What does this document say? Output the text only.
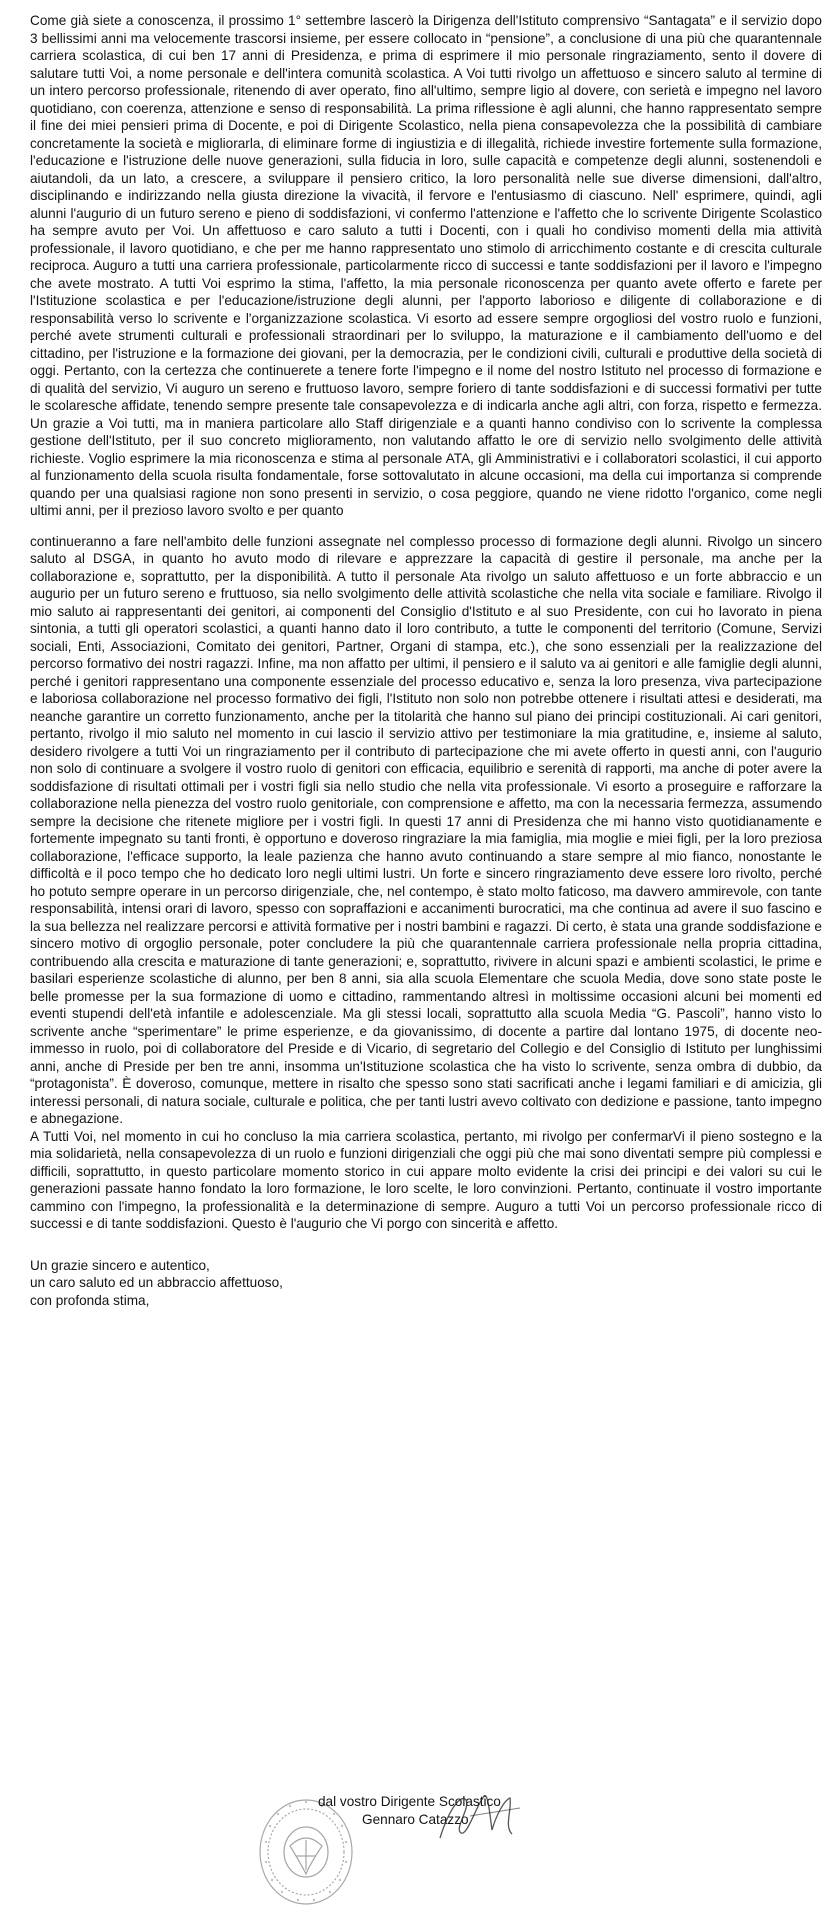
Come già siete a conoscenza, il prossimo 1° settembre lascerò la Dirigenza dell'Istituto comprensivo “Santagata” e il servizio dopo 3 bellissimi anni ma velocemente trascorsi insieme, per essere collocato in “pensione”, a conclusione di una più che quarantennale carriera scolastica, di cui ben 17 anni di Presidenza, e prima di esprimere il mio personale ringraziamento, sento il dovere di salutare tutti Voi, a nome personale e dell'intera comunità scolastica. A Voi tutti rivolgo un affettuoso e sincero saluto al termine di un intero percorso professionale, ritenendo di aver operato, fino all'ultimo, sempre ligio al dovere, con serietà e impegno nel lavoro quotidiano, con coerenza, attenzione e senso di responsabilità. La prima riflessione è agli alunni, che hanno rappresentato sempre il fine dei miei pensieri prima di Docente, e poi di Dirigente Scolastico, nella piena consapevolezza che la possibilità di cambiare concretamente la società e migliorarla, di eliminare forme di ingiustizia e di illegalità, richiede investire fortemente sulla formazione, l'educazione e l'istruzione delle nuove generazioni, sulla fiducia in loro, sulle capacità e competenze degli alunni, sostenendoli e aiutandoli, da un lato, a crescere, a sviluppare il pensiero critico, la loro personalità nelle sue diverse dimensioni, dall'altro, disciplinando e indirizzando nella giusta direzione la vivacità, il fervore e l'entusiasmo di ciascuno. Nell' esprimere, quindi, agli alunni l'augurio di un futuro sereno e pieno di soddisfazioni, vi confermo l'attenzione e l'affetto che lo scrivente Dirigente Scolastico ha sempre avuto per Voi. Un affettuoso e caro saluto a tutti i Docenti, con i quali ho condiviso momenti della mia attività professionale, il lavoro quotidiano, e che per me hanno rappresentato uno stimolo di arricchimento costante e di crescita culturale reciproca. Auguro a tutti una carriera professionale, particolarmente ricco di successi e tante soddisfazioni per il lavoro e l'impegno che avete mostrato. A tutti Voi esprimo la stima, l'affetto, la mia personale riconoscenza per quanto avete offerto e farete per l'Istituzione scolastica e per l'educazione/istruzione degli alunni, per l'apporto laborioso e diligente di collaborazione e di responsabilità verso lo scrivente e l'organizzazione scolastica. Vi esorto ad essere sempre orgogliosi del vostro ruolo e funzioni, perché avete strumenti culturali e professionali straordinari per lo sviluppo, la maturazione e il cambiamento dell'uomo e del cittadino, per l'istruzione e la formazione dei giovani, per la democrazia, per le condizioni civili, culturali e produttive della società di oggi. Pertanto, con la certezza che continuerete a tenere forte l'impegno e il nome del nostro Istituto nel processo di formazione e di qualità del servizio, Vi auguro un sereno e fruttuoso lavoro, sempre foriero di tante soddisfazioni e di successi formativi per tutte le scolaresche affidate, tenendo sempre presente tale consapevolezza e di indicarla anche agli altri, con forza, rispetto e fermezza. Un grazie a Voi tutti, ma in maniera particolare allo Staff dirigenziale e a quanti hanno condiviso con lo scrivente la complessa gestione dell'Istituto, per il suo concreto miglioramento, non valutando affatto le ore di servizio nello svolgimento delle attività richieste. Voglio esprimere la mia riconoscenza e stima al personale ATA, gli Amministrativi e i collaboratori scolastici, il cui apporto al funzionamento della scuola risulta fondamentale, forse sottovalutato in alcune occasioni, ma della cui importanza si comprende quando per una qualsiasi ragione non sono presenti in servizio, o cosa peggiore, quando ne viene ridotto l'organico, come negli ultimi anni, per il prezioso lavoro svolto e per quanto

continueranno a fare nell'ambito delle funzioni assegnate nel complesso processo di formazione degli alunni. Rivolgo un sincero saluto al DSGA, in quanto ho avuto modo di rilevare e apprezzare la capacità di gestire il personale, ma anche per la collaborazione e, soprattutto, per la disponibilità. A tutto il personale Ata rivolgo un saluto affettuoso e un forte abbraccio e un augurio per un futuro sereno e fruttuoso, sia nello svolgimento delle attività scolastiche che nella vita sociale e familiare. Rivolgo il mio saluto ai rappresentanti dei genitori, ai componenti del Consiglio d'Istituto e al suo Presidente, con cui ho lavorato in piena sintonia, a tutti gli operatori scolastici, a quanti hanno dato il loro contributo, a tutte le componenti del territorio (Comune, Servizi sociali, Enti, Associazioni, Comitato dei genitori, Partner, Organi di stampa, etc.), che sono essenziali per la realizzazione del percorso formativo dei nostri ragazzi. Infine, ma non affatto per ultimi, il pensiero e il saluto va ai genitori e alle famiglie degli alunni, perché i genitori rappresentano una componente essenziale del processo educativo e, senza la loro presenza, viva partecipazione e laboriosa collaborazione nel processo formativo dei figli, l'Istituto non solo non potrebbe ottenere i risultati attesi e desiderati, ma neanche garantire un corretto funzionamento, anche per la titolarità che hanno sul piano dei principi costituzionali. Ai cari genitori, pertanto, rivolgo il mio saluto nel momento in cui lascio il servizio attivo per testimoniare la mia gratitudine, e, insieme al saluto, desidero rivolgere a tutti Voi un ringraziamento per il contributo di partecipazione che mi avete offerto in questi anni, con l'augurio non solo di continuare a svolgere il vostro ruolo di genitori con efficacia, equilibrio e serenità di rapporti, ma anche di poter avere la soddisfazione di risultati ottimali per i vostri figli sia nello studio che nella vita professionale. Vi esorto a proseguire e rafforzare la collaborazione nella pienezza del vostro ruolo genitoriale, con comprensione e affetto, ma con la necessaria fermezza, assumendo sempre la decisione che ritenete migliore per i vostri figli. In questi 17 anni di Presidenza che mi hanno visto quotidianamente e fortemente impegnato su tanti fronti, è opportuno e doveroso ringraziare la mia famiglia, mia moglie e miei figli, per la loro preziosa collaborazione, l'efficace supporto, la leale pazienza che hanno avuto continuando a stare sempre al mio fianco, nonostante le difficoltà e il poco tempo che ho dedicato loro negli ultimi lustri. Un forte e sincero ringraziamento deve essere loro rivolto, perché ho potuto sempre operare in un percorso dirigenziale, che, nel contempo, è stato molto faticoso, ma davvero ammirevole, con tante responsabilità, intensi orari di lavoro, spesso con sopraffazioni e accanimenti burocratici, ma che continua ad avere il suo fascino e la sua bellezza nel realizzare percorsi e attività formative per i nostri bambini e ragazzi. Di certo, è stata una grande soddisfazione e sincero motivo di orgoglio personale, poter concludere la più che quarantennale carriera professionale nella propria cittadina, contribuendo alla crescita e maturazione di tante generazioni; e, soprattutto, rivivere in alcuni spazi e ambienti scolastici, le prime e basilari esperienze scolastiche di alunno, per ben 8 anni, sia alla scuola Elementare che scuola Media, dove sono state poste le belle promesse per la sua formazione di uomo e cittadino, rammentando altresì in moltissime occasioni alcuni bei momenti ed eventi stupendi dell'età infantile e adolescenziale. Ma gli stessi locali, soprattutto alla scuola Media “G. Pascoli”, hanno visto lo scrivente anche “sperimentare” le prime esperienze, e da giovanissimo, di docente a partire dal lontano 1975, di docente neo-immesso in ruolo, poi di collaboratore del Preside e di Vicario, di segretario del Collegio e del Consiglio di Istituto per lunghissimi anni, anche di Preside per ben tre anni, insomma un'Istituzione scolastica che ha visto lo scrivente, senza ombra di dubbio, da “protagonista”. È doveroso, comunque, mettere in risalto che spesso sono stati sacrificati anche i legami familiari e di amicizia, gli interessi personali, di natura sociale, culturale e politica, che per tanti lustri avevo coltivato con dedizione e passione, tanto impegno e abnegazione.

A Tutti Voi, nel momento in cui ho concluso la mia carriera scolastica, pertanto, mi rivolgo per confermarVi il pieno sostegno e la mia solidarietà, nella consapevolezza di un ruolo e funzioni dirigenziali che oggi più che mai sono diventati sempre più complessi e difficili, soprattutto, in questo particolare momento storico in cui appare molto evidente la crisi dei principi e dei valori su cui le generazioni passate hanno fondato la loro formazione, le loro scelte, le loro convinzioni. Pertanto, continuate il vostro importante cammino con l'impegno, la professionalità e la determinazione di sempre. Auguro a tutti Voi un percorso professionale ricco di successi e di tante soddisfazioni. Questo è l'augurio che Vi porgo con sincerità e affetto.

Un grazie sincero e autentico,
un caro saluto ed un abbraccio affettuoso,
con profonda stima,
dal vostro Dirigente Scolastico
Gennaro Catazzo
